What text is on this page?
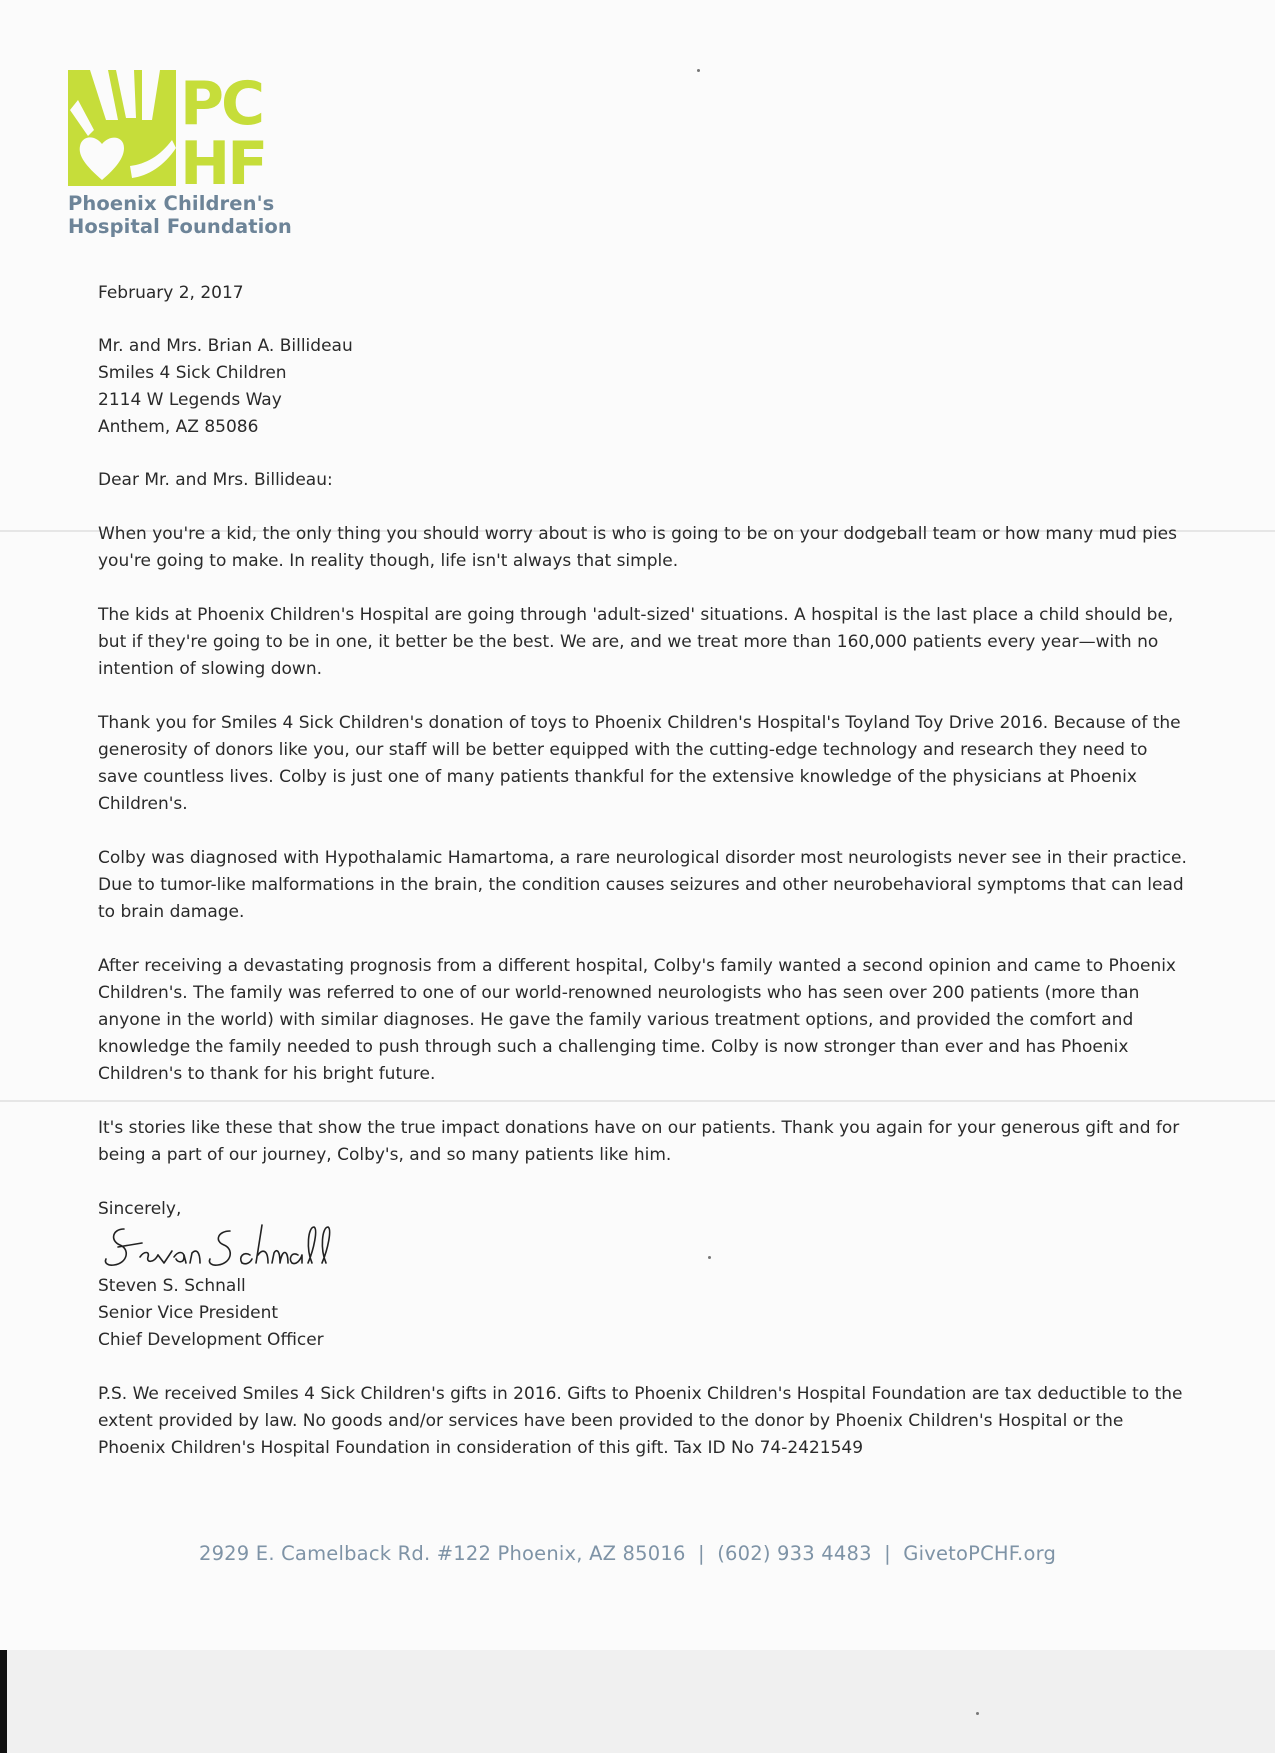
PC
HF
Phoenix Children's
Hospital Foundation

February 2, 2017

Mr. and Mrs. Brian A. Billideau

Smiles 4 Sick Children

2114 W Legends Way

Anthem, AZ 85086

Dear Mr. and Mrs. Billideau:

When you're a kid, the only thing you should worry about is who is going to be on your dodgeball team or how many mud pies you're going to make. In reality though, life isn't always that simple.

The kids at Phoenix Children's Hospital are going through 'adult-sized' situations. A hospital is the last place a child should be, but if they're going to be in one, it better be the best. We are, and we treat more than 160,000 patients every year—with no intention of slowing down.

Thank you for Smiles 4 Sick Children's donation of toys to Phoenix Children's Hospital's Toyland Toy Drive 2016. Because of the generosity of donors like you, our staff will be better equipped with the cutting-edge technology and research they need to save countless lives. Colby is just one of many patients thankful for the extensive knowledge of the physicians at Phoenix Children's.

Colby was diagnosed with Hypothalamic Hamartoma, a rare neurological disorder most neurologists never see in their practice. Due to tumor-like malformations in the brain, the condition causes seizures and other neurobehavioral symptoms that can lead to brain damage.

After receiving a devastating prognosis from a different hospital, Colby's family wanted a second opinion and came to Phoenix Children's. The family was referred to one of our world-renowned neurologists who has seen over 200 patients (more than anyone in the world) with similar diagnoses. He gave the family various treatment options, and provided the comfort and knowledge the family needed to push through such a challenging time. Colby is now stronger than ever and has Phoenix Children's to thank for his bright future.

It's stories like these that show the true impact donations have on our patients. Thank you again for your generous gift and for being a part of our journey, Colby's, and so many patients like him.

Sincerely,

Steven S. Schnall

Senior Vice President

Chief Development Officer

P.S. We received Smiles 4 Sick Children's gifts in 2016. Gifts to Phoenix Children's Hospital Foundation are tax deductible to the extent provided by law. No goods and/or services have been provided to the donor by Phoenix Children's Hospital or the Phoenix Children's Hospital Foundation in consideration of this gift. Tax ID No 74-2421549

2929 E. Camelback Rd. #122 Phoenix, AZ 85016 | (602) 933 4483 | GivetoPCHF.org
